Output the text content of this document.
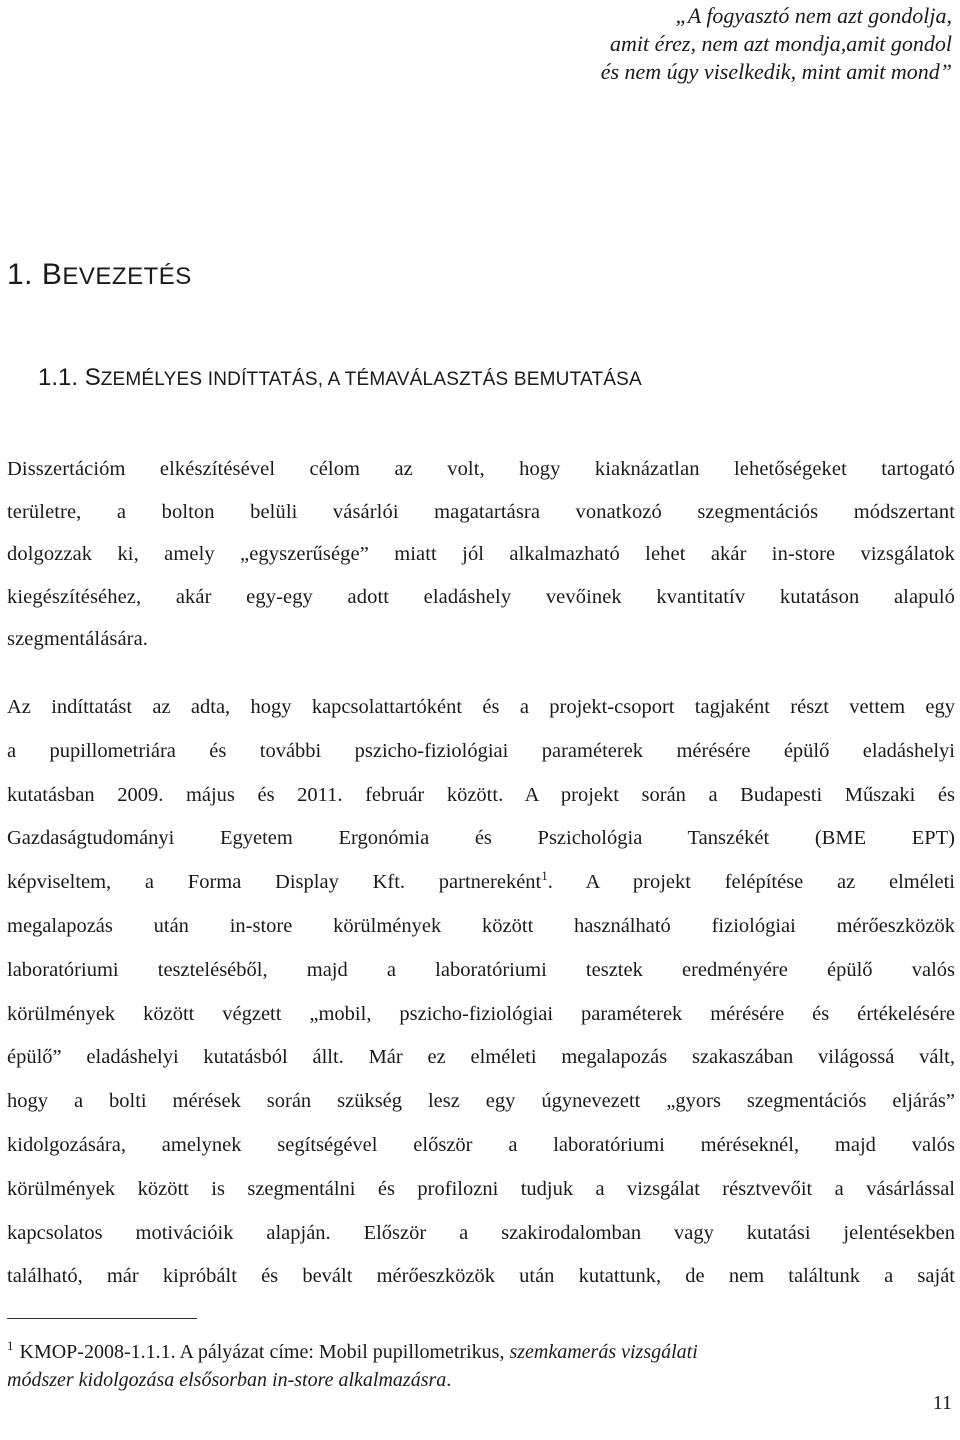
„A fogyasztó nem azt gondolja,
amit érez, nem azt mondja,amit gondol
és nem úgy viselkedik, mint amit mond”
1. BEVEZETÉS
1.1. SZEMÉLYES INDÍTTATÁS, A TÉMAVÁLASZTÁS BEMUTATÁSA
Disszertációm elkészítésével célom az volt, hogy kiaknázatlan lehetőségeket tartogató
területre, a bolton belüli vásárlói magatartásra vonatkozó szegmentációs módszertant
dolgozzak ki, amely „egyszerűsége” miatt jól alkalmazható lehet akár in-store vizsgálatok
kiegészítéséhez, akár egy-egy adott eladáshely vevőinek kvantitatív kutatáson alapuló
szegmentálására.
Az indíttatást az adta, hogy kapcsolattartóként és a projekt-csoport tagjaként részt vettem egy
a pupillometriára és további pszicho-fiziológiai paraméterek mérésére épülő eladáshelyi
kutatásban 2009. május és 2011. február között. A projekt során a Budapesti Műszaki és
Gazdaságtudományi Egyetem Ergonómia és Pszichológia Tanszékét (BME EPT)
képviseltem, a Forma Display Kft. partnereként$^1$. A projekt felépítése az elméleti
megalapozás után in-store körülmények között használható fiziológiai mérőeszközök
laboratóriumi teszteléséből, majd a laboratóriumi tesztek eredményére épülő valós
körülmények között végzett „mobil, pszicho-fiziológiai paraméterek mérésére és értékelésére
épülő” eladáshelyi kutatásból állt. Már ez elméleti megalapozás szakaszában világossá vált,
hogy a bolti mérések során szükség lesz egy úgynevezett „gyors szegmentációs eljárás”
kidolgozására, amelynek segítségével először a laboratóriumi méréseknél, majd valós
körülmények között is szegmentálni és profilozni tudjuk a vizsgálat résztvevőit a vásárlással
kapcsolatos motivációik alapján. Először a szakirodalomban vagy kutatási jelentésekben
található, már kipróbált és bevált mérőeszközök után kutattunk, de nem találtunk a saját
$^1$ KMOP-2008-1.1.1. A pályázat címe: Mobil pupillometrikus, szemkamerás vizsgálati
módszer kidolgozása elsősorban in-store alkalmazásra.
11
